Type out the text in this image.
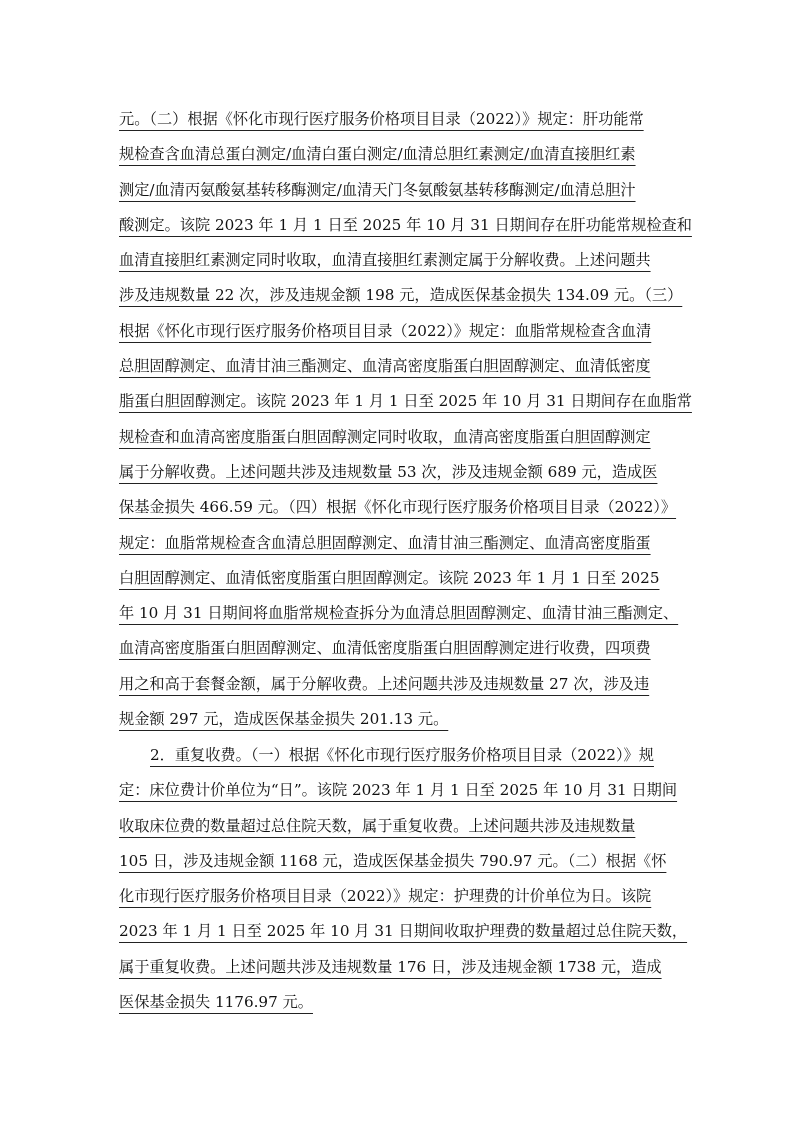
元。（二）根据《怀化市现行医疗服务价格项目目录（2022）》规定：肝功能常
规检查含血清总蛋白测定/血清白蛋白测定/血清总胆红素测定/血清直接胆红素
测定/血清丙氨酸氨基转移酶测定/血清天门冬氨酸氨基转移酶测定/血清总胆汁
酸测定。该院 2023 年 1 月 1 日至 2025 年 10 月 31 日期间存在肝功能常规检查和
血清直接胆红素测定同时收取，血清直接胆红素测定属于分解收费。上述问题共
涉及违规数量 22 次，涉及违规金额 198 元，造成医保基金损失 134.09 元。（三）
根据《怀化市现行医疗服务价格项目目录（2022）》规定：血脂常规检查含血清
总胆固醇测定、血清甘油三酯测定、血清高密度脂蛋白胆固醇测定、血清低密度
脂蛋白胆固醇测定。该院 2023 年 1 月 1 日至 2025 年 10 月 31 日期间存在血脂常
规检查和血清高密度脂蛋白胆固醇测定同时收取，血清高密度脂蛋白胆固醇测定
属于分解收费。上述问题共涉及违规数量 53 次，涉及违规金额 689 元，造成医
保基金损失 466.59 元。（四）根据《怀化市现行医疗服务价格项目目录（2022）》
规定：血脂常规检查含血清总胆固醇测定、血清甘油三酯测定、血清高密度脂蛋
白胆固醇测定、血清低密度脂蛋白胆固醇测定。该院 2023 年 1 月 1 日至 2025
年 10 月 31 日期间将血脂常规检查拆分为血清总胆固醇测定、血清甘油三酯测定、
血清高密度脂蛋白胆固醇测定、血清低密度脂蛋白胆固醇测定进行收费，四项费
用之和高于套餐金额，属于分解收费。上述问题共涉及违规数量 27 次，涉及违
规金额 297 元，造成医保基金损失 201.13 元。
2．重复收费。（一）根据《怀化市现行医疗服务价格项目目录（2022）》规
定：床位费计价单位为“日”。该院 2023 年 1 月 1 日至 2025 年 10 月 31 日期间
收取床位费的数量超过总住院天数，属于重复收费。上述问题共涉及违规数量
105 日，涉及违规金额 1168 元，造成医保基金损失 790.97 元。（二）根据《怀
化市现行医疗服务价格项目目录（2022）》规定：护理费的计价单位为日。该院
2023 年 1 月 1 日至 2025 年 10 月 31 日期间收取护理费的数量超过总住院天数，
属于重复收费。上述问题共涉及违规数量 176 日，涉及违规金额 1738 元，造成
医保基金损失 1176.97 元。
